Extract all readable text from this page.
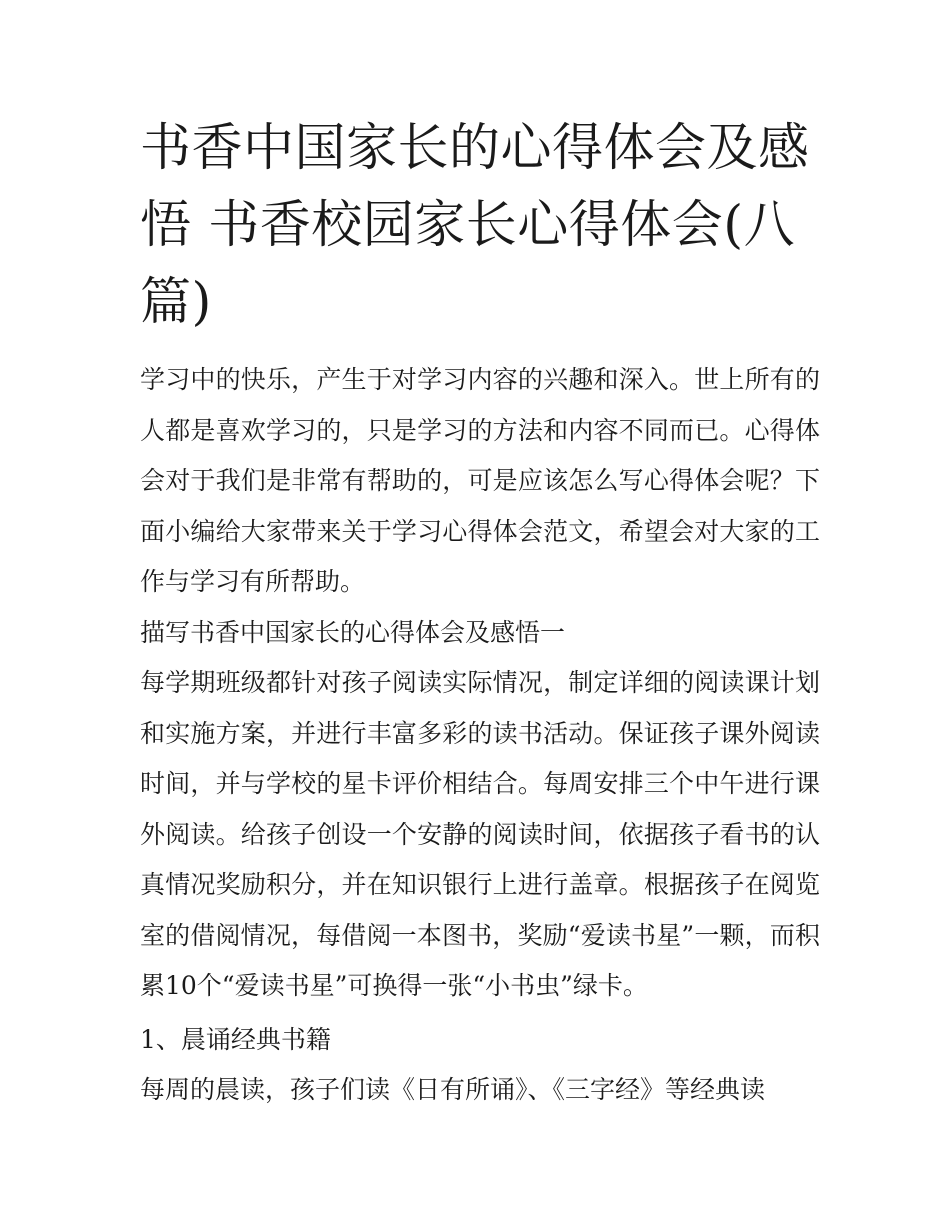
书香中国家长的心得体会及感悟 书香校园家长心得体会(八篇)

学习中的快乐，产生于对学习内容的兴趣和深入。世上所有的人都是喜欢学习的，只是学习的方法和内容不同而已。心得体会对于我们是非常有帮助的，可是应该怎么写心得体会呢？下面小编给大家带来关于学习心得体会范文，希望会对大家的工作与学习有所帮助。

描写书香中国家长的心得体会及感悟一

每学期班级都针对孩子阅读实际情况，制定详细的阅读课计划和实施方案，并进行丰富多彩的读书活动。保证孩子课外阅读时间，并与学校的星卡评价相结合。每周安排三个中午进行课外阅读。给孩子创设一个安静的阅读时间，依据孩子看书的认真情况奖励积分，并在知识银行上进行盖章。根据孩子在阅览室的借阅情况，每借阅一本图书，奖励“爱读书星”一颗，而积累10个“爱读书星”可换得一张“小书虫”绿卡。

1、晨诵经典书籍

每周的晨读，孩子们读《日有所诵》、《三字经》等经典读
